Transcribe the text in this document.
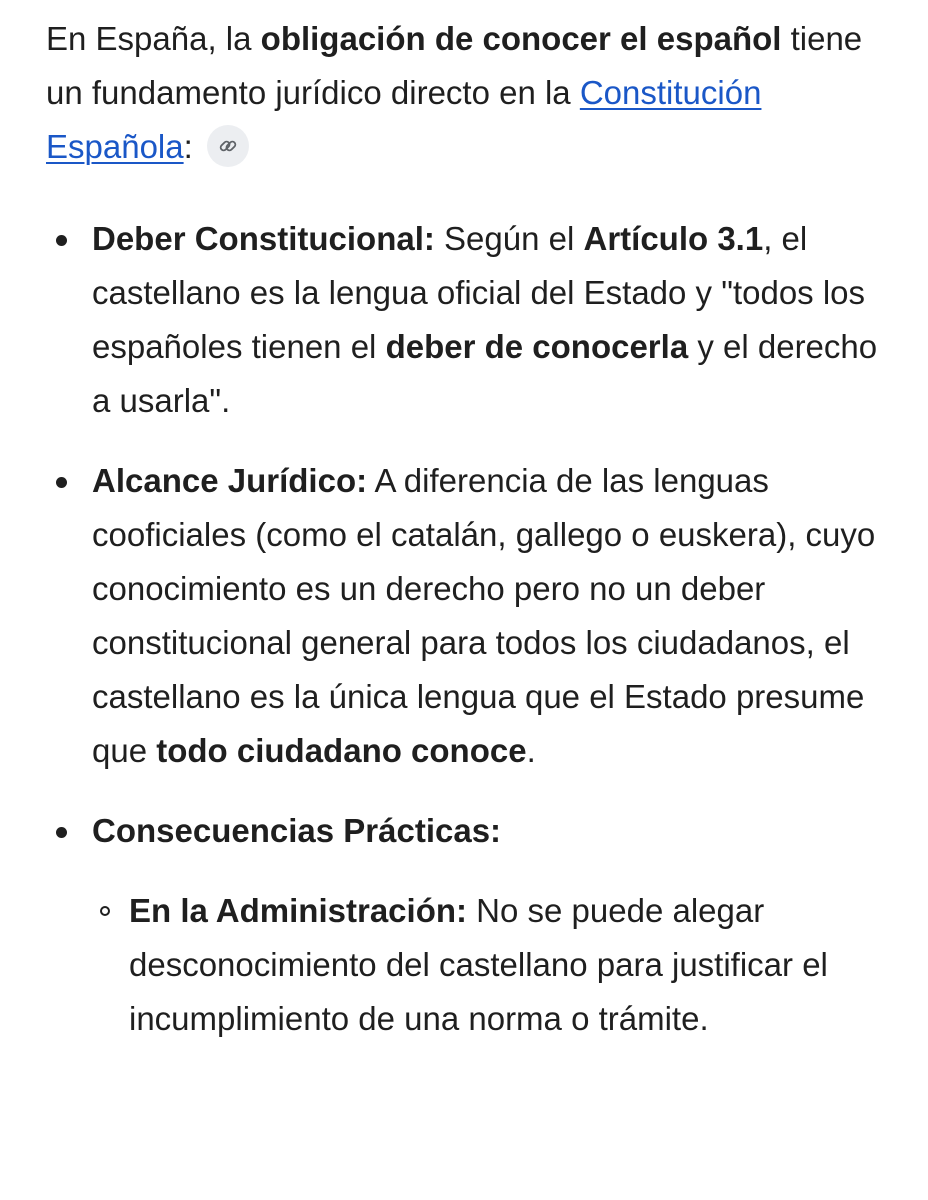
En España, la obligación de conocer el español tiene un fundamento jurídico directo en la Constitución Española:

Deber Constitucional: Según el Artículo 3.1, el castellano es la lengua oficial del Estado y "todos los españoles tienen el deber de conocerla y el derecho a usarla".
Alcance Jurídico: A diferencia de las lenguas cooficiales (como el catalán, gallego o euskera), cuyo conocimiento es un derecho pero no un deber constitucional general para todos los ciudadanos, el castellano es la única lengua que el Estado presume que todo ciudadano conoce.
Consecuencias Prácticas:
En la Administración: No se puede alegar desconocimiento del castellano para justificar el incumplimiento de una norma o trámite.
